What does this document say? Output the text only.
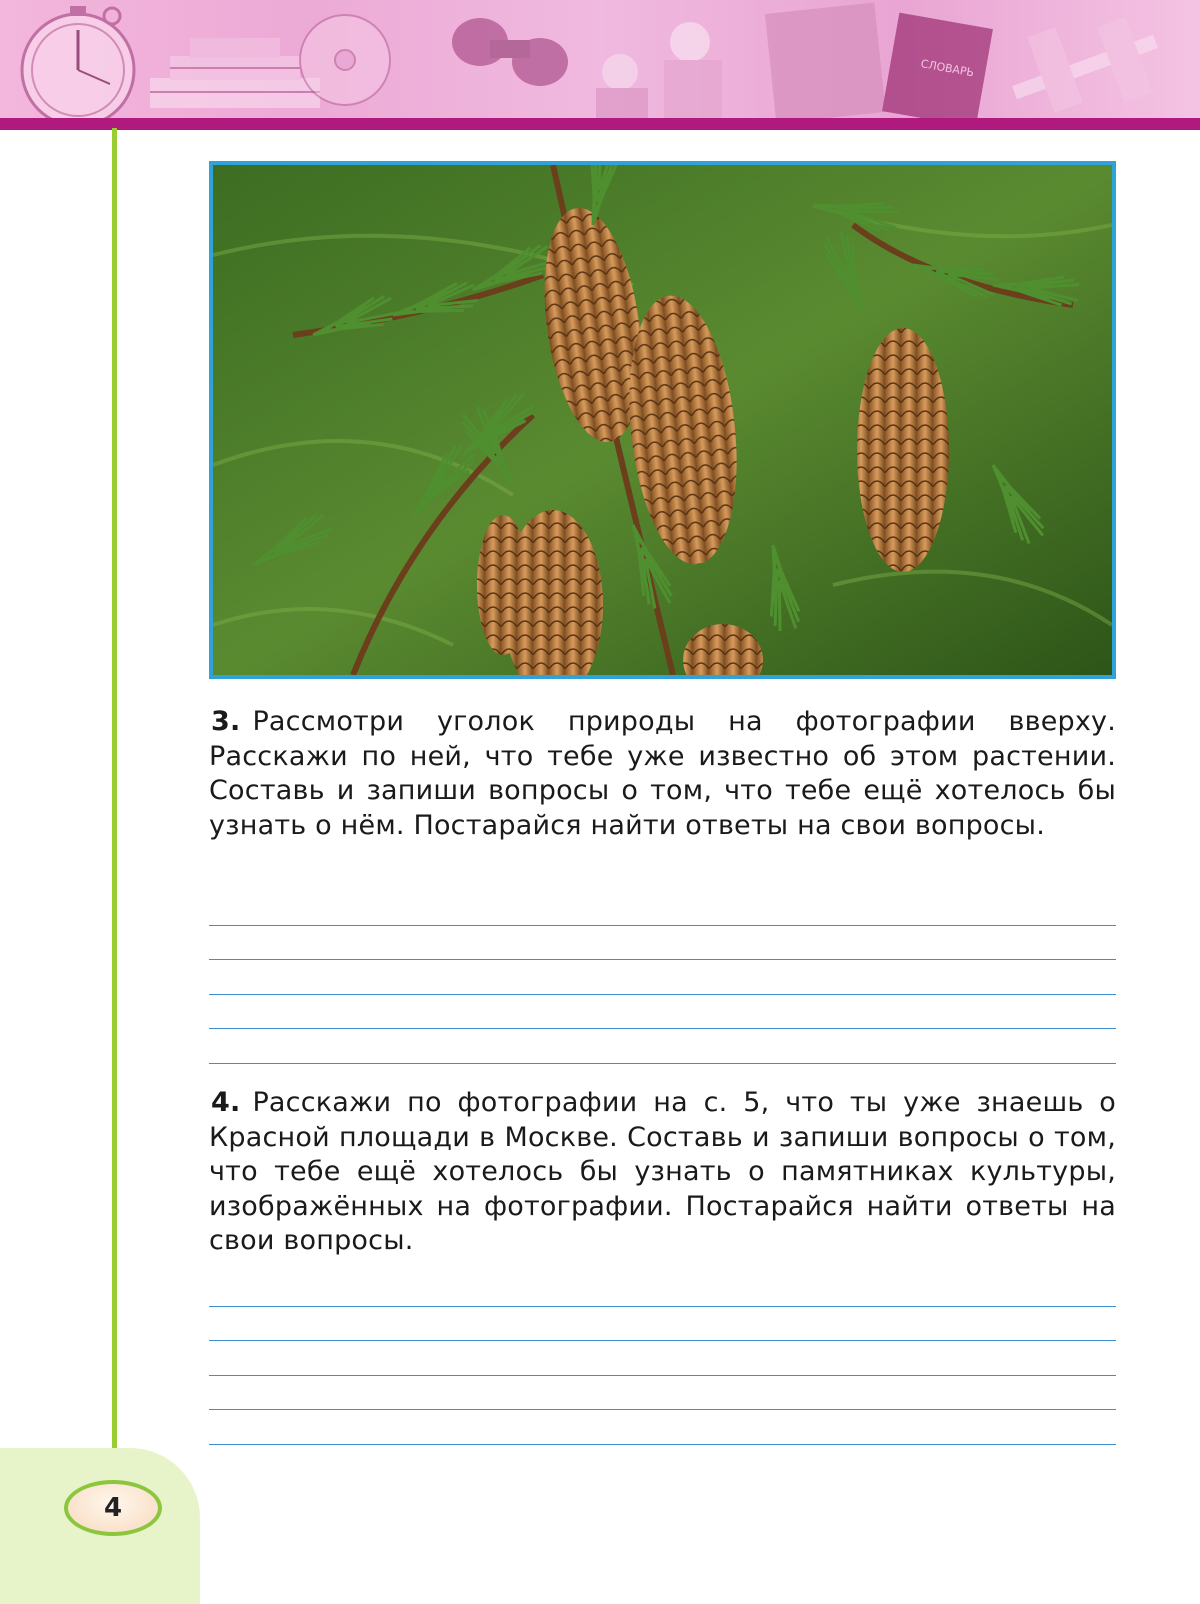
СЛОВАРЬ
4

3. Рассмотри уголок природы на фотографии вверху. Расскажи по ней, что тебе уже известно об этом растении. Составь и запиши вопросы о том, что тебе ещё хотелось бы узнать о нём. Постарайся найти ответы на свои вопросы.

4. Расскажи по фотографии на с. 5, что ты уже знаешь о Красной площади в Москве. Составь и запиши вопросы о том, что тебе ещё хотелось бы узнать о памятниках культуры, изображённых на фотографии. Постарайся найти ответы на свои вопросы.
